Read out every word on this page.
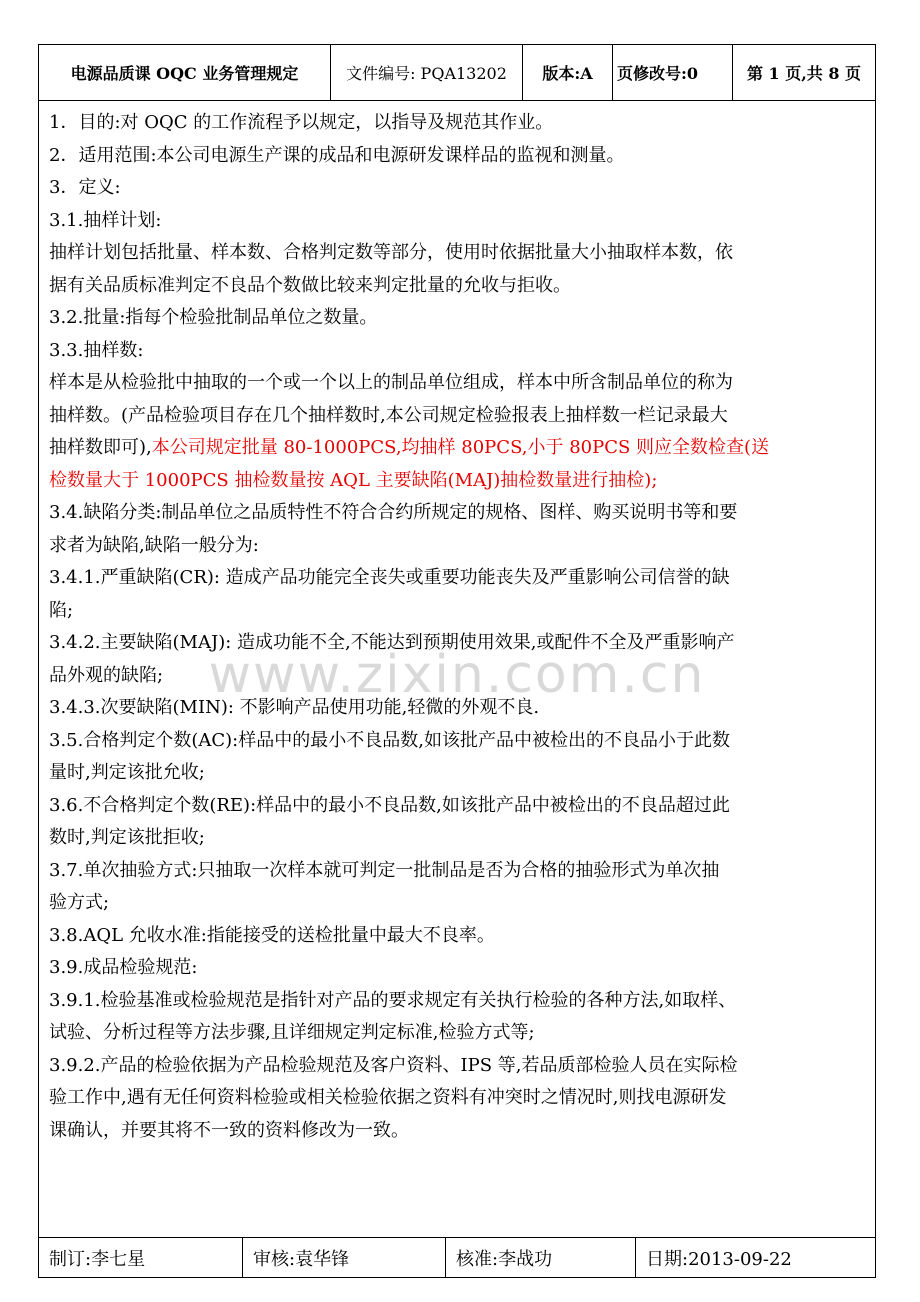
电源品质课 OQC 业务管理规定	文件编号: PQA13202	版本:A	页修改号:0	第 1 页,共 8 页
www.zixin.com.cn

1．目的:对 OQC 的工作流程予以规定，以指导及规范其作业。

2．适用范围:本公司电源生产课的成品和电源研发课样品的监视和测量。

3．定义:

3.1.抽样计划:

抽样计划包括批量、样本数、合格判定数等部分，使用时依据批量大小抽取样本数，依

据有关品质标准判定不良品个数做比较来判定批量的允收与拒收。

3.2.批量:指每个检验批制品单位之数量。

3.3.抽样数:

样本是从检验批中抽取的一个或一个以上的制品单位组成，样本中所含制品单位的称为

抽样数。(产品检验项目存在几个抽样数时,本公司规定检验报表上抽样数一栏记录最大

抽样数即可),本公司规定批量 80-1000PCS,均抽样 80PCS,小于 80PCS 则应全数检查(送

检数量大于 1000PCS 抽检数量按 AQL 主要缺陷(MAJ)抽检数量进行抽检);

3.4.缺陷分类:制品单位之品质特性不符合合约所规定的规格、图样、购买说明书等和要

求者为缺陷,缺陷一般分为:

3.4.1.严重缺陷(CR): 造成产品功能完全丧失或重要功能丧失及严重影响公司信誉的缺

陷;

3.4.2.主要缺陷(MAJ): 造成功能不全,不能达到预期使用效果,或配件不全及严重影响产

品外观的缺陷;

3.4.3.次要缺陷(MIN): 不影响产品使用功能,轻微的外观不良.

3.5.合格判定个数(AC):样品中的最小不良品数,如该批产品中被检出的不良品小于此数

量时,判定该批允收;

3.6.不合格判定个数(RE):样品中的最小不良品数,如该批产品中被检出的不良品超过此

数时,判定该批拒收;

3.7.单次抽验方式:只抽取一次样本就可判定一批制品是否为合格的抽验形式为单次抽

验方式;

3.8.AQL 允收水准:指能接受的送检批量中最大不良率。

3.9.成品检验规范:

3.9.1.检验基准或检验规范是指针对产品的要求规定有关执行检验的各种方法,如取样、

试验、分析过程等方法步骤,且详细规定判定标准,检验方式等;

3.9.2.产品的检验依据为产品检验规范及客户资料、IPS 等,若品质部检验人员在实际检

验工作中,遇有无任何资料检验或相关检验依据之资料有冲突时之情况时,则找电源研发

课确认，并要其将不一致的资料修改为一致。

制订:李七星	审核:袁华锋	核准:李战功	日期:2013-09-22
